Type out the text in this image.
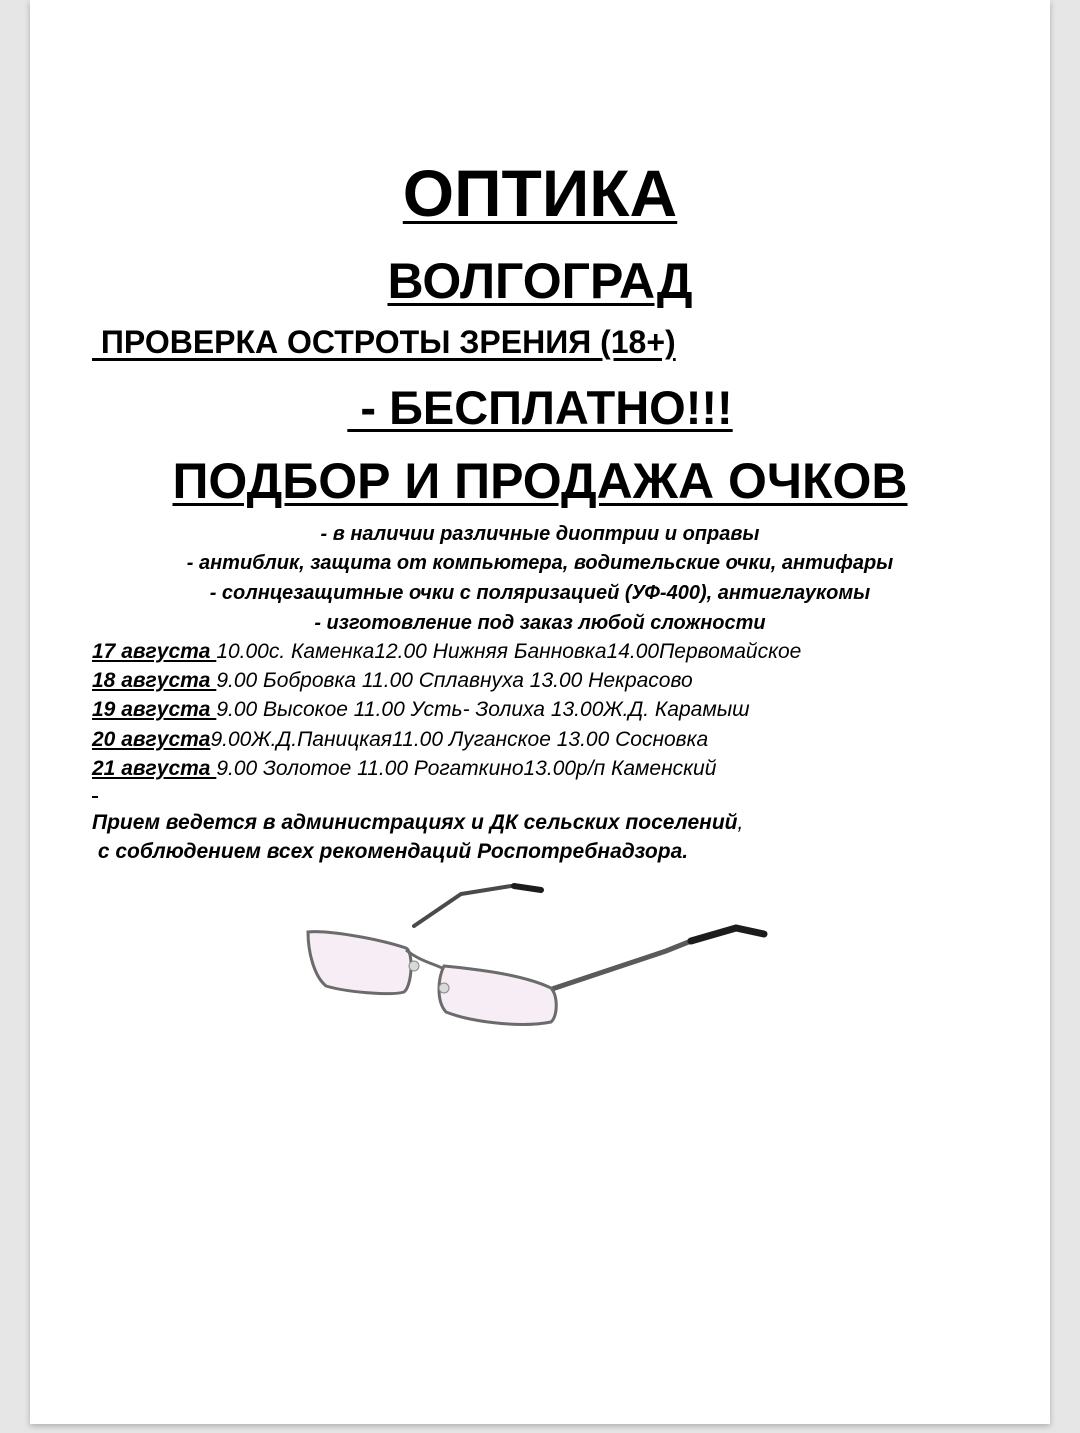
ОПТИКА
ВОЛГОГРАД

ПРОВЕРКА ОСТРОТЫ ЗРЕНИЯ (18+)

- БЕСПЛАТНО!!!

ПОДБОР И ПРОДАЖА ОЧКОВ

- в наличии различные диоптрии и оправы

- антиблик, защита от компьютера, водительские очки, антифары

- солнцезащитные очки с поляризацией (УФ-400), антиглаукомы

- изготовление под заказ любой сложности

17 августа 10.00с. Каменка12.00 Нижняя Банновка14.00Первомайское

18 августа 9.00 Бобровка 11.00 Сплавнуха 13.00 Некрасово

19 августа 9.00 Высокое 11.00 Усть- Золиха 13.00Ж.Д. Карамыш

20 августа9.00Ж.Д.Паницкая11.00 Луганское 13.00 Сосновка

21 августа 9.00 Золотое 11.00 Рогаткино13.00р/п Каменский

Прием ведется в администрациях и ДК сельских поселений,

с соблюдением всех рекомендаций Роспотребнадзора.
